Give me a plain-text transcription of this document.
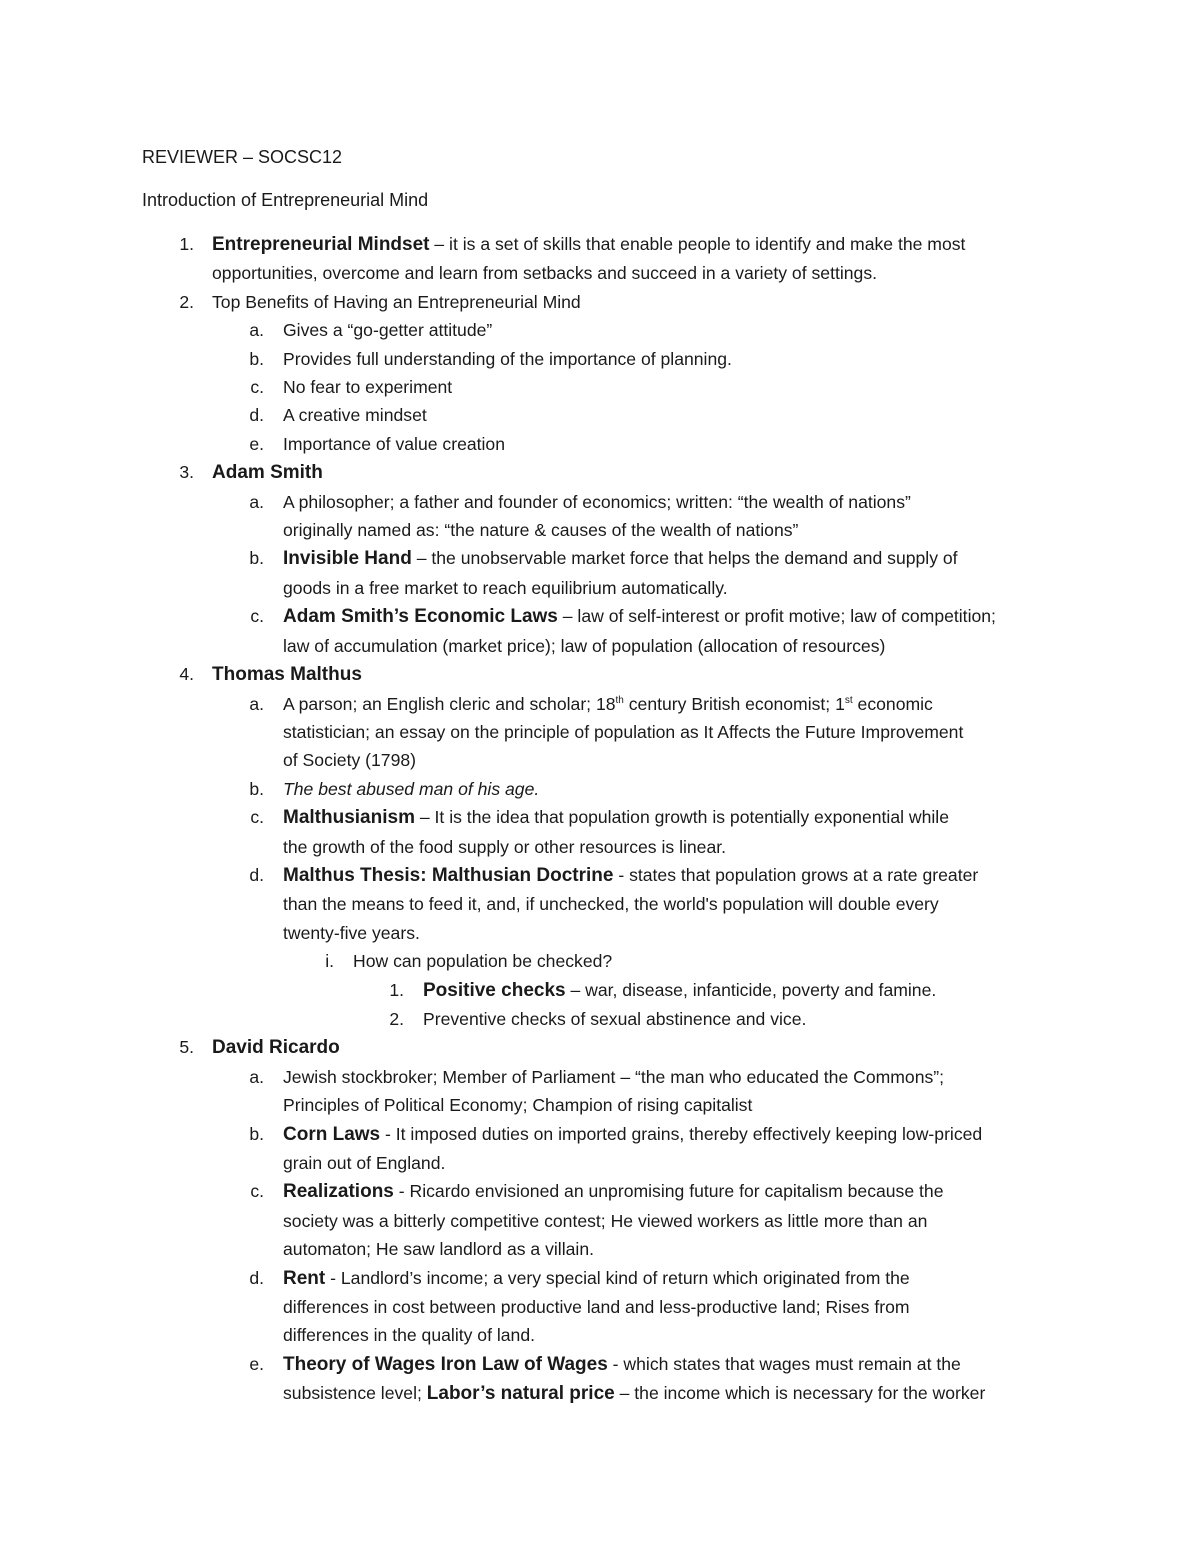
REVIEWER – SOCSC12
Introduction of Entrepreneurial Mind
1. Entrepreneurial Mindset – it is a set of skills that enable people to identify and make the most
opportunities, overcome and learn from setbacks and succeed in a variety of settings.
2. Top Benefits of Having an Entrepreneurial Mind
a. Gives a “go-getter attitude”
b. Provides full understanding of the importance of planning.
c. No fear to experiment
d. A creative mindset
e. Importance of value creation
3. Adam Smith
a. A philosopher; a father and founder of economics; written: “the wealth of nations”
originally named as: “the nature & causes of the wealth of nations”
b. Invisible Hand – the unobservable market force that helps the demand and supply of
goods in a free market to reach equilibrium automatically.
c. Adam Smith’s Economic Laws – law of self-interest or profit motive; law of competition;
law of accumulation (market price); law of population (allocation of resources)
4. Thomas Malthus
a. A parson; an English cleric and scholar; 18th century British economist; 1st economic
statistician; an essay on the principle of population as It Affects the Future Improvement
of Society (1798)
b. The best abused man of his age.
c. Malthusianism – It is the idea that population growth is potentially exponential while
the growth of the food supply or other resources is linear.
d. Malthus Thesis: Malthusian Doctrine - states that population grows at a rate greater
than the means to feed it, and, if unchecked, the world's population will double every
twenty-five years.
i. How can population be checked?
1. Positive checks – war, disease, infanticide, poverty and famine.
2. Preventive checks of sexual abstinence and vice.
5. David Ricardo
a. Jewish stockbroker; Member of Parliament – “the man who educated the Commons”;
Principles of Political Economy; Champion of rising capitalist
b. Corn Laws - It imposed duties on imported grains, thereby effectively keeping low-priced
grain out of England.
c. Realizations - Ricardo envisioned an unpromising future for capitalism because the
society was a bitterly competitive contest; He viewed workers as little more than an
automaton; He saw landlord as a villain.
d. Rent - Landlord’s income; a very special kind of return which originated from the
differences in cost between productive land and less-productive land; Rises from
differences in the quality of land.
e. Theory of Wages Iron Law of Wages - which states that wages must remain at the
subsistence level; Labor’s natural price – the income which is necessary for the worker
